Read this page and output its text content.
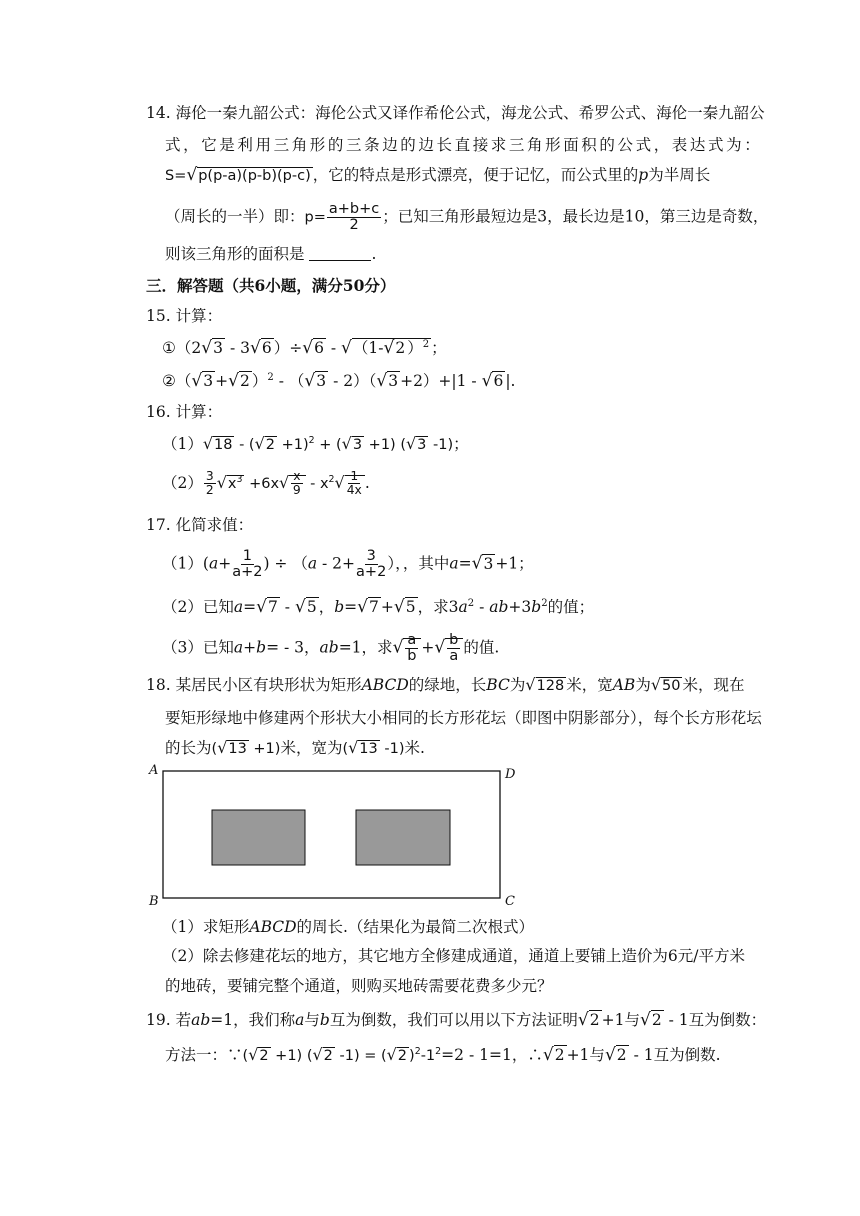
14. 海伦一秦九韶公式：海伦公式又译作希伦公式，海龙公式、希罗公式、海伦一秦九韶公
式，它是利用三角形的三条边的边长直接求三角形面积的公式，表达式为：
S=√p(p-a)(p-b)(p-c) ，它的特点是形式漂亮，便于记忆，而公式里的p为半周长
（周长的一半）即：$p= \frac{a+b+c}{2}$ ；已知三角形最短边是3，最长边是10，第三边是奇数，
则该三角形的面积是	.
三．解答题（共6小题，满分50分）
15. 计算：
①（2√3 - 3√6 ）÷√6 - √（1-√2 ）$^2$ ；
②（√3 +√2 ）$^2$ - （√3 - 2）（√3 +2）+|1 - √6 |.
16. 计算：
$(1)√18 - (√2 +1)^2 + (√3 +1)$ (√3 -1)；
$(2) \frac{3}{2} √x^3 +6x√ \frac{x}{9} - x^2√ \frac{1}{4x}$ .
17. 化简求值：
$(1)(a+ \frac{1}{a+2}$ ) ÷ （$a - 2+ \frac{3}{a+2}$ ），，其中a=√3 +1；
（2）已知a=√7 - √5 ，b=√7 +√5 ，求$3a^2 - ab+3b^2$的值；
（3）已知a+b= - 3，ab=1，求√ $\frac{a}{b}$ +√ $\frac{b}{a}$ 的值.
18. 某居民小区有块形状为矩形ABCD的绿地，长BC为√128 米，宽AB为√50 米，现在
要矩形绿地中修建两个形状大小相同的长方形花坛（即图中阴影部分），每个长方形花坛
的长为(√13 +1)米，宽为(√13 -1)米.
A	D
B	C
（1）求矩形ABCD的周长.（结果化为最简二次根式）
（2）除去修建花坛的地方，其它地方全修建成通道，通道上要铺上造价为6元/平方米
的地砖，要铺完整个通道，则购买地砖需要花费多少元？
19. 若ab=1，我们称a与b互为倒数，我们可以用以下方法证明√2 +1与√2 - 1互为倒数：
方法一：∵(√2 +1) (√2 -1) = (√2 )$^2-1^2=2 - 1=1$，∴√2 +1与√2 - 1互为倒数.
